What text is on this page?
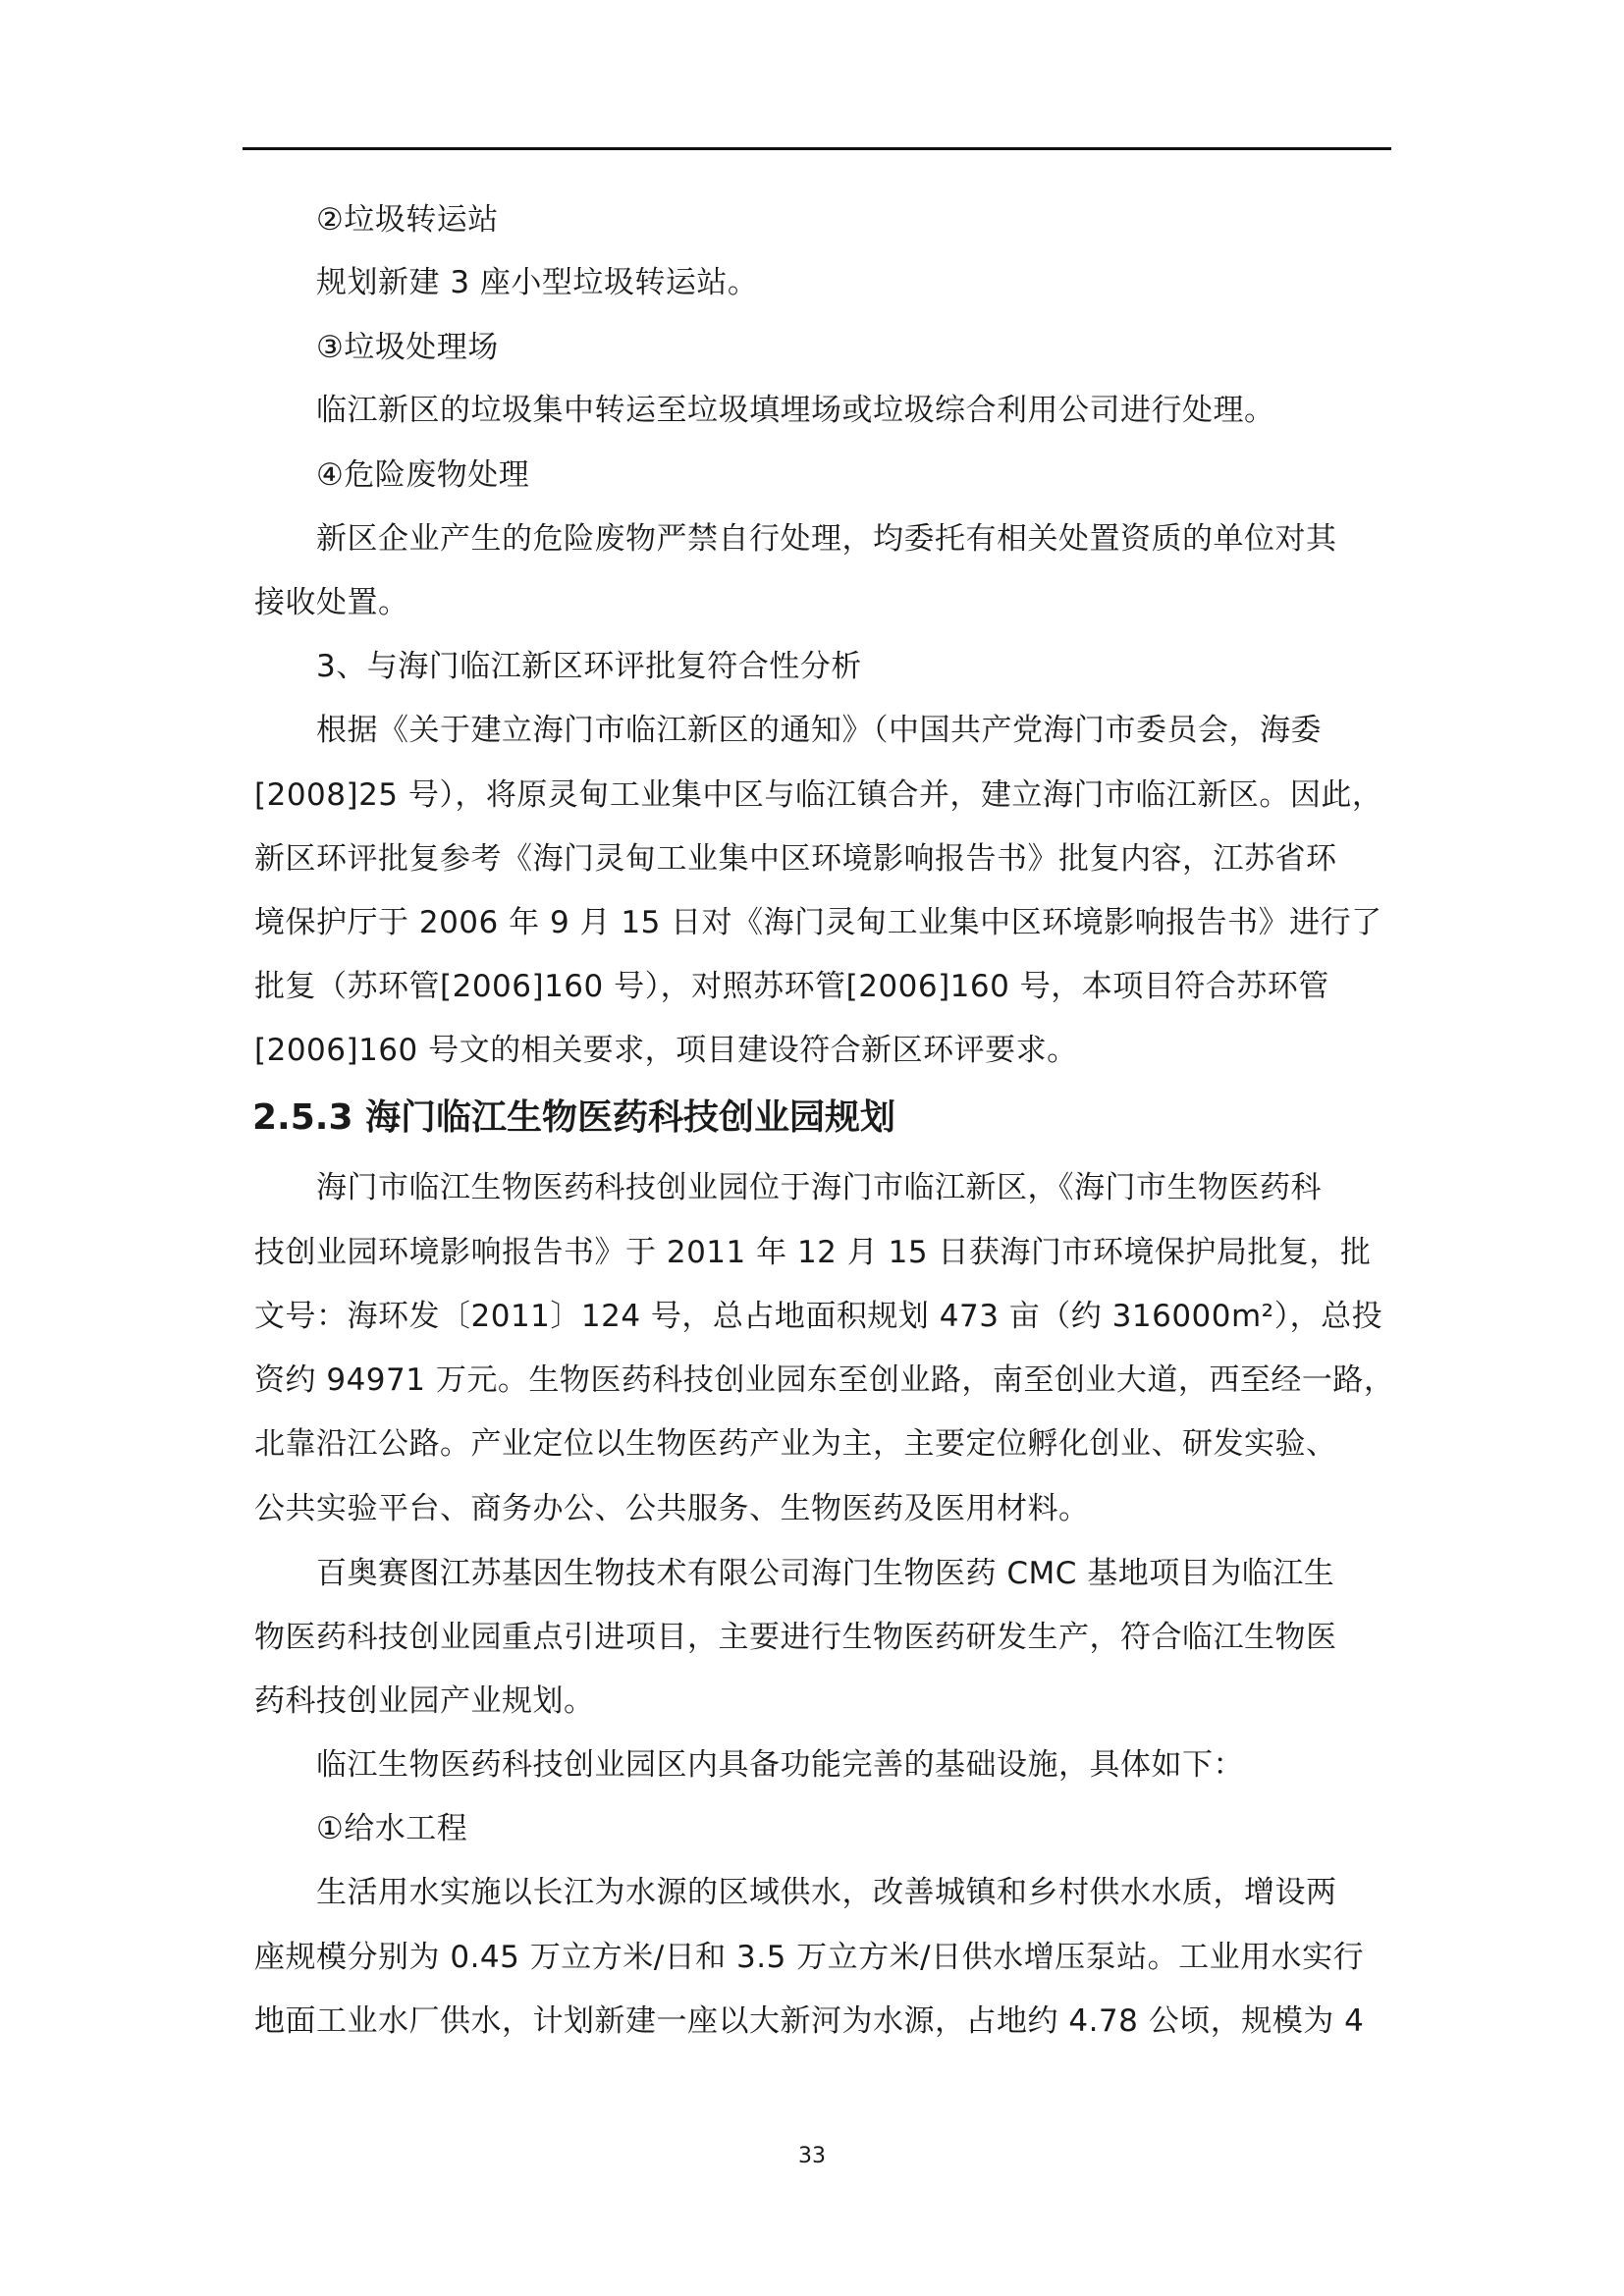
②垃圾转运站
规划新建 3 座小型垃圾转运站。
③垃圾处理场
临江新区的垃圾集中转运至垃圾填埋场或垃圾综合利用公司进行处理。
④危险废物处理
新区企业产生的危险废物严禁自行处理，均委托有相关处置资质的单位对其
接收处置。
3、与海门临江新区环评批复符合性分析
根据《关于建立海门市临江新区的通知》（中国共产党海门市委员会，海委
[2008]25 号），将原灵甸工业集中区与临江镇合并，建立海门市临江新区。因此，
新区环评批复参考《海门灵甸工业集中区环境影响报告书》批复内容，江苏省环
境保护厅于 2006 年 9 月 15 日对《海门灵甸工业集中区环境影响报告书》进行了
批复（苏环管[2006]160 号），对照苏环管[2006]160 号，本项目符合苏环管
[2006]160 号文的相关要求，项目建设符合新区环评要求。
2.5.3 海门临江生物医药科技创业园规划
海门市临江生物医药科技创业园位于海门市临江新区，《海门市生物医药科
技创业园环境影响报告书》于 2011 年 12 月 15 日获海门市环境保护局批复，批
文号：海环发〔2011〕124 号，总占地面积规划 473 亩（约 316000m²），总投
资约 94971 万元。生物医药科技创业园东至创业路，南至创业大道，西至经一路，
北靠沿江公路。产业定位以生物医药产业为主，主要定位孵化创业、研发实验、
公共实验平台、商务办公、公共服务、生物医药及医用材料。
百奥赛图江苏基因生物技术有限公司海门生物医药 CMC 基地项目为临江生
物医药科技创业园重点引进项目，主要进行生物医药研发生产，符合临江生物医
药科技创业园产业规划。
临江生物医药科技创业园区内具备功能完善的基础设施，具体如下：
①给水工程
生活用水实施以长江为水源的区域供水，改善城镇和乡村供水水质，增设两
座规模分别为 0.45 万立方米/日和 3.5 万立方米/日供水增压泵站。工业用水实行
地面工业水厂供水，计划新建一座以大新河为水源，占地约 4.78 公顷，规模为 4
33
